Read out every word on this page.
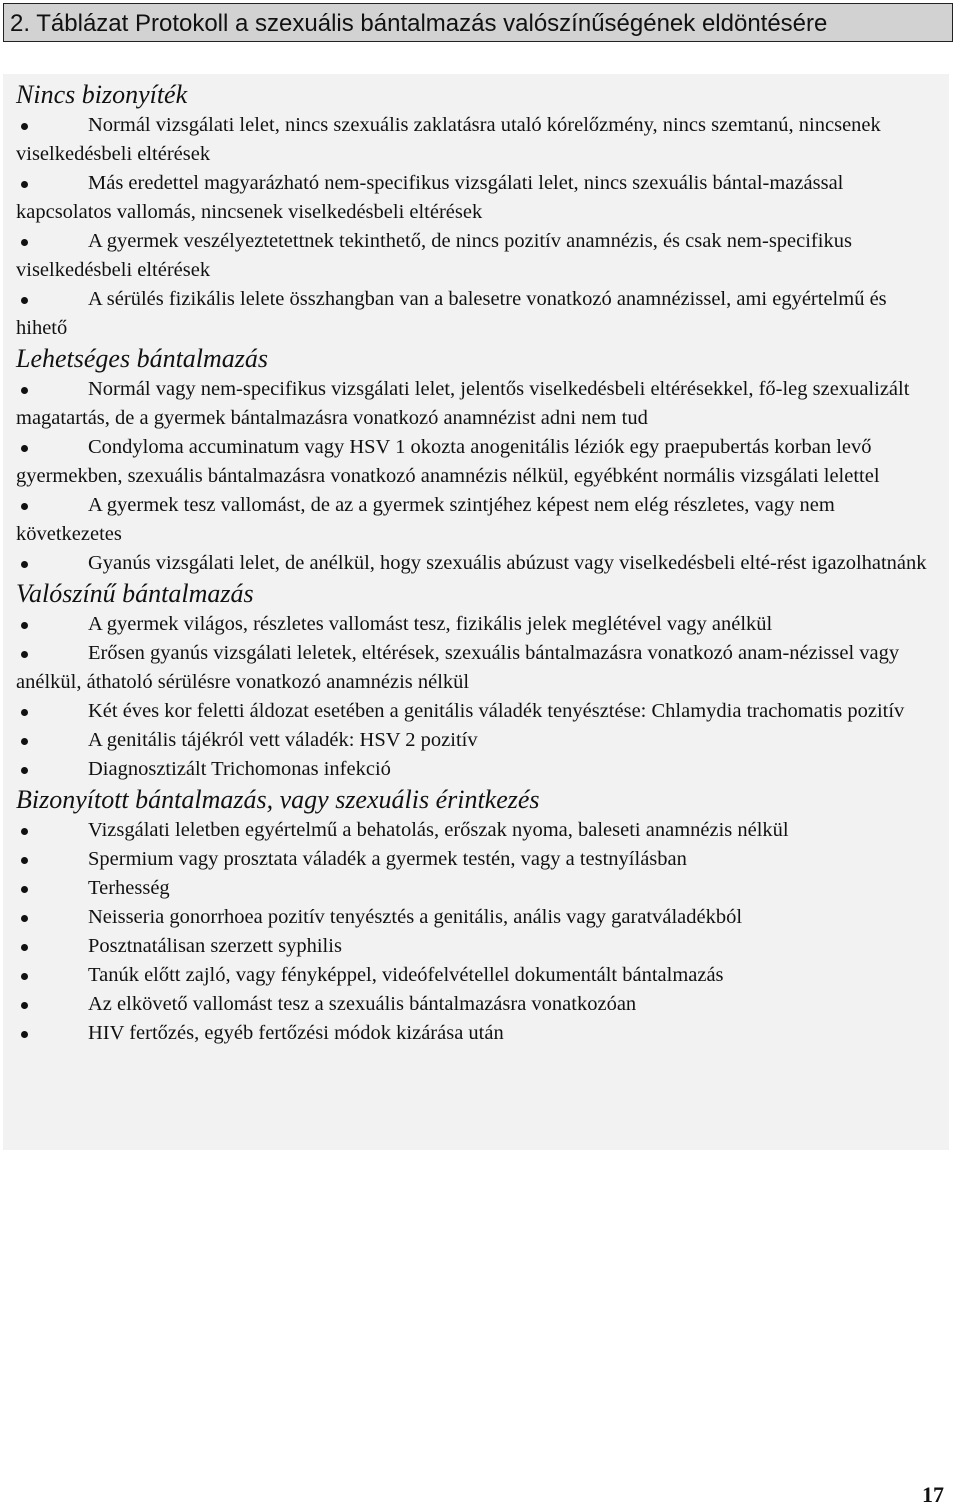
2. Táblázat Protokoll a szexuális bántalmazás valószínűségének eldöntésére
Nincs bizonyíték

Normál vizsgálati lelet, nincs szexuális zaklatásra utaló kórelőzmény, nincs szemtanú, nincsenek viselkedésbeli eltérések

Más eredettel magyarázható nem-specifikus vizsgálati lelet, nincs szexuális bántal-mazással kapcsolatos vallomás, nincsenek viselkedésbeli eltérések

A gyermek veszélyeztetettnek tekinthető, de nincs pozitív anamnézis, és csak nem-specifikus viselkedésbeli eltérések

A sérülés fizikális lelete összhangban van a balesetre vonatkozó anamnézissel, ami egyértelmű és hihető

Lehetséges bántalmazás

Normál vagy nem-specifikus vizsgálati lelet, jelentős viselkedésbeli eltérésekkel, fő-leg szexualizált magatartás, de a gyermek bántalmazásra vonatkozó anamnézist adni nem tud

Condyloma accuminatum vagy HSV 1 okozta anogenitális léziók egy praepubertás korban levő gyermekben, szexuális bántalmazásra vonatkozó anamnézis nélkül, egyébként normális vizsgálati lelettel

A gyermek tesz vallomást, de az a gyermek szintjéhez képest nem elég részletes, vagy nem következetes

Gyanús vizsgálati lelet, de anélkül, hogy szexuális abúzust vagy viselkedésbeli elté-rést igazolhatnánk

Valószínű bántalmazás

A gyermek világos, részletes vallomást tesz, fizikális jelek meglétével vagy anélkül

Erősen gyanús vizsgálati leletek, eltérések, szexuális bántalmazásra vonatkozó anam-nézissel vagy anélkül, áthatoló sérülésre vonatkozó anamnézis nélkül

Két éves kor feletti áldozat esetében a genitális váladék tenyésztése: Chlamydia trachomatis pozitív

A genitális tájékról vett váladék: HSV 2 pozitív

Diagnosztizált Trichomonas infekció

Bizonyított bántalmazás, vagy szexuális érintkezés

Vizsgálati leletben egyértelmű a behatolás, erőszak nyoma, baleseti anamnézis nélkül

Spermium vagy prosztata váladék a gyermek testén, vagy a testnyílásban

Terhesség

Neisseria gonorrhoea pozitív tenyésztés a genitális, anális vagy garatváladékból

Posztnatálisan szerzett syphilis

Tanúk előtt zajló, vagy fényképpel, videófelvétellel dokumentált bántalmazás

Az elkövető vallomást tesz a szexuális bántalmazásra vonatkozóan

HIV fertőzés, egyéb fertőzési módok kizárása után

17
